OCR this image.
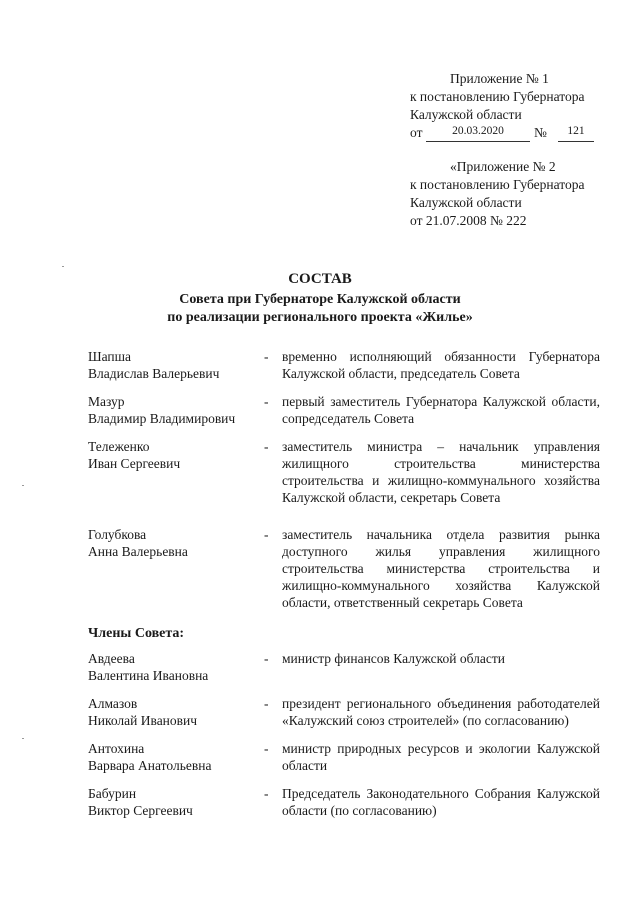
Приложение № 1
к постановлению Губернатора
Калужской области
от	20.03.2020	№	121
«Приложение № 2
к постановлению Губернатора
Калужской области
от 21.07.2008 № 222
СОСТАВ
Совета при Губернаторе Калужской области
по реализации регионального проекта «Жилье»
Шапша
Владислав Валерьевич
-	временно исполняющий обязанности Губернатора Калужской области, председатель Совета
Мазур
Владимир Владимирович
-	первый заместитель Губернатора Калужской области, сопредседатель Совета
Тележенко
Иван Сергеевич
-	заместитель министра – начальник управления жилищного строительства министерства строительства и жилищно-коммунального хозяйства Калужской области, секретарь Совета
Голубкова
Анна Валерьевна
-	заместитель начальника отдела развития рынка доступного жилья управления жилищного строительства министерства строительства и жилищно-коммунального хозяйства Калужской области, ответственный секретарь Совета
Члены Совета:
Авдеева
Валентина Ивановна
-	министр финансов Калужской области
Алмазов
Николай Иванович
-	президент регионального объединения работодателей «Калужский союз строителей» (по согласованию)
Антохина
Варвара Анатольевна
-	министр природных ресурсов и экологии Калужской области
Бабурин
Виктор Сергеевич
-	Председатель Законодательного Собрания Калужской области (по согласованию)
